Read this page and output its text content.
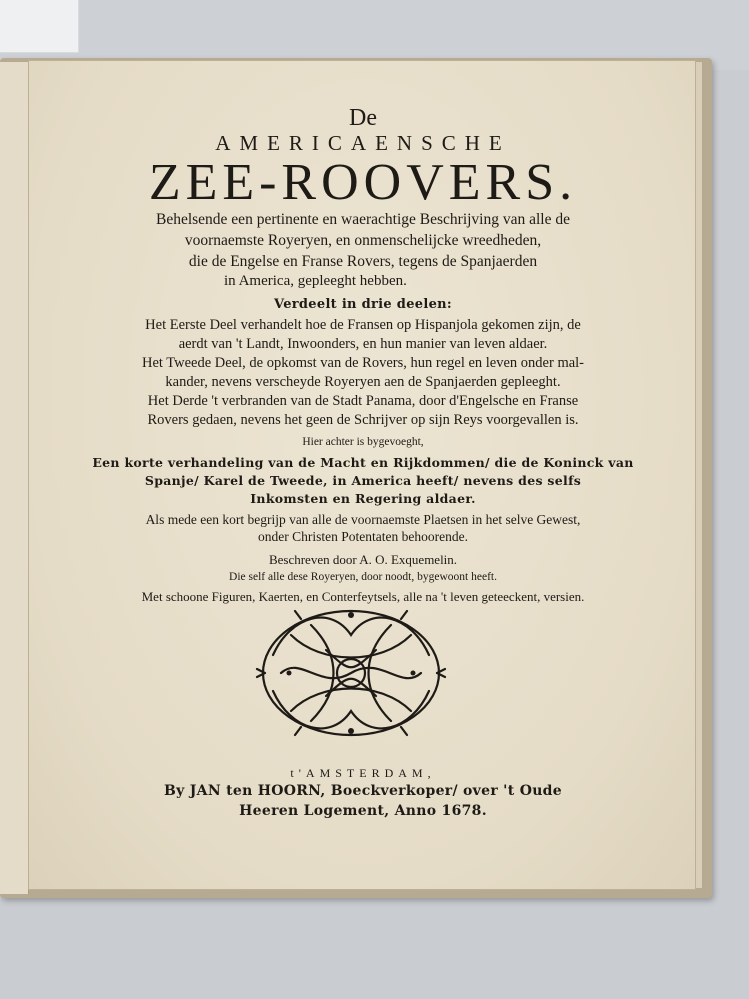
De
AMERICAENSCHE
ZEE-ROOVERS.
Behelsende een pertinente en waerachtige Beschrijving van alle de
voornaemste Royeryen, en onmenschelijcke wreedheden,
die de Engelse en Franse Rovers, tegens de Spanjaerden
in America, gepleeght hebben.
Verdeelt in drie deelen:
Het Eerste Deel verhandelt hoe de Fransen op Hispanjola gekomen zijn, de
aerdt van 't Landt, Inwoonders, en hun manier van leven aldaer.
Het Tweede Deel, de opkomst van de Rovers, hun regel en leven onder mal-
kander, nevens verscheyde Royeryen aen de Spanjaerden gepleeght.
Het Derde 't verbranden van de Stadt Panama, door d'Engelsche en Franse
Rovers gedaen, nevens het geen de Schrijver op sijn Reys voorgevallen is.
Hier achter is bygevoeght,
Een korte verhandeling van de Macht en Rijkdommen/ die de Koninck van
Spanje/ Karel de Tweede, in America heeft/ nevens des selfs
Inkomsten en Regering aldaer.
Als mede een kort begrijp van alle de voornaemste Plaetsen in het selve Gewest,
onder Christen Potentaten behoorende.
Beschreven door A. O. Exquemelin.
Die self alle dese Royeryen, door noodt, bygewoont heeft.
Met schoone Figuren, Kaerten, en Conterfeytsels, alle na 't leven geteeckent, versien.
t'AMSTERDAM,
By JAN ten HOORN, Boeckverkoper/ over 't Oude
Heeren Logement, Anno 1678.
